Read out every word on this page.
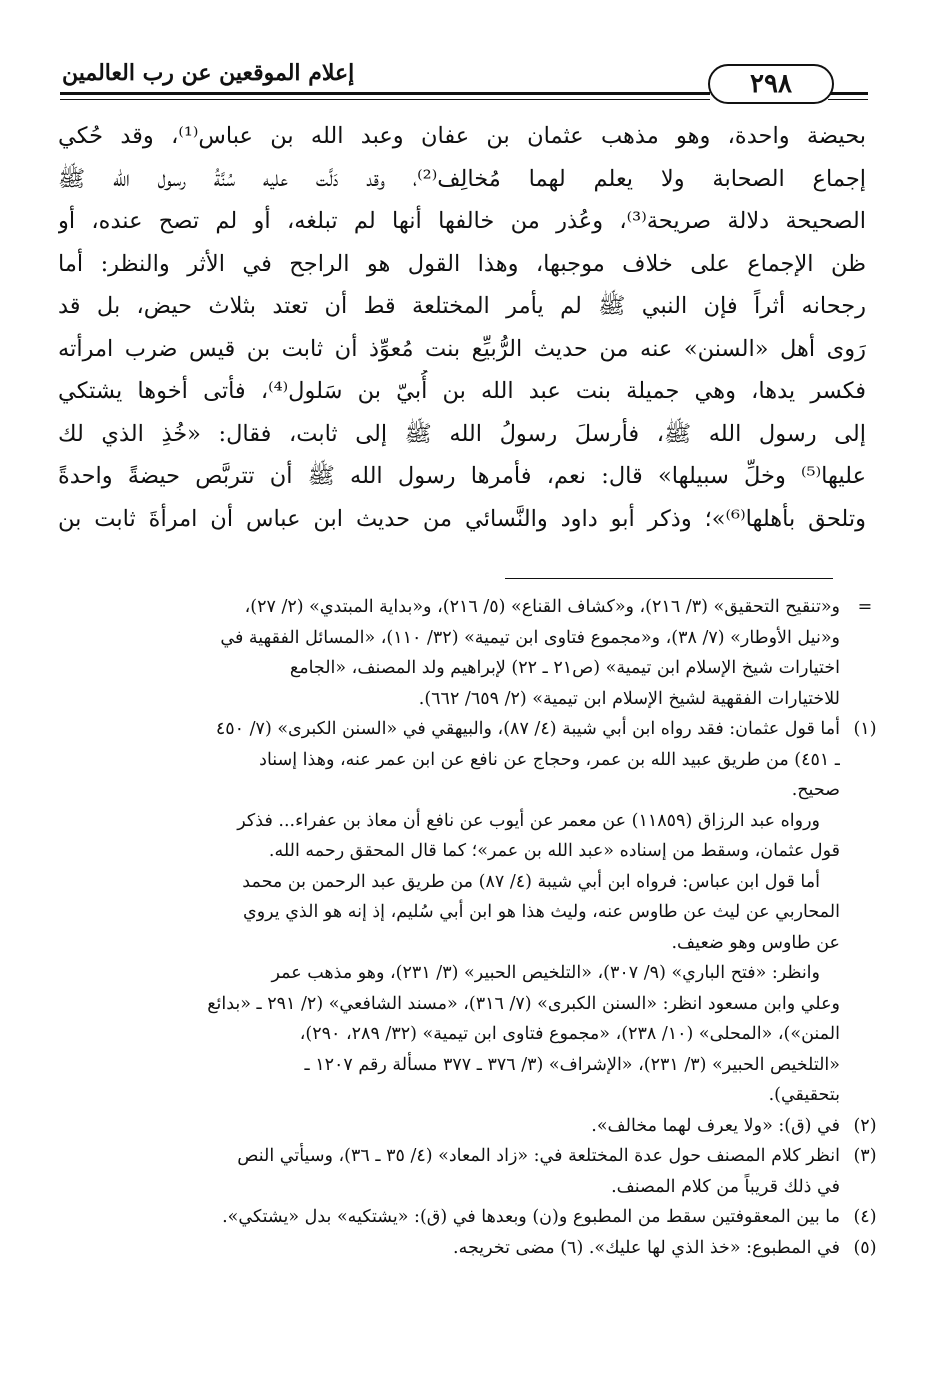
إعلام الموقعين عن رب العالمين	٢٩٨
بحيضة واحدة، وهو مذهب عثمان بن عفان وعبد الله بن عباس⁽¹⁾، وقد حُكي
إجماع الصحابة ولا يعلم لهما مُخالِف⁽²⁾، وقد دَلَّت عليه سُنَّةُ رسول الله ﷺ
الصحيحة دلالة صريحة⁽³⁾، وعُذر من خالفها أنها لم تبلغه، أو لم تصح عنده، أو
ظن الإجماع على خلاف موجبها، وهذا القول هو الراجح في الأثر والنظر: أما
رجحانه أثراً فإن النبي ﷺ لم يأمر المختلعة قط أن تعتد بثلاث حيض، بل قد
رَوى أهل «السنن» عنه من حديث الرُّبيِّع بنت مُعوِّذ أن ثابت بن قيس ضرب امرأته
فكسر يدها، وهي جميلة بنت عبد الله بن أُبيّ بن سَلول⁽⁴⁾، فأتى أخوها يشتكي
إلى رسول الله ﷺ، فأرسلَ رسولُ الله ﷺ إلى ثابت، فقال: «خُذِ الذي لك
عليها⁽⁵⁾ وخلِّ سبيلها» قال: نعم، فأمرها رسول الله ﷺ أن تتربَّص حيضةً واحدةً
وتلحق بأهلها⁽⁶⁾»؛ وذكر أبو داود والنَّسائي من حديث ابن عباس أن امرأةَ ثابت بن
=
و«تنقيح التحقيق» (٣/ ٢١٦)، و«كشاف القناع» (٥/ ٢١٦)، و«بداية المبتدي» (٢/ ٢٧)،
و«نيل الأوطار» (٧/ ٣٨)، و«مجموع فتاوى ابن تيمية» (٣٢/ ١١٠)، «المسائل الفقهية في
اختيارات شيخ الإسلام ابن تيمية» (ص٢١ ـ ٢٢) لإبراهيم ولد المصنف، «الجامع
للاختيارات الفقهية لشيخ الإسلام ابن تيمية» (٢/ ٦٥٩/ ٦٦٢).
(١)
أما قول عثمان: فقد رواه ابن أبي شيبة (٤/ ٨٧)، والبيهقي في «السنن الكبرى» (٧/ ٤٥٠
ـ ٤٥١) من طريق عبيد الله بن عمر، وحجاج عن نافع عن ابن عمر عنه، وهذا إسناد
صحيح.
ورواه عبد الرزاق (١١٨٥٩) عن معمر عن أيوب عن نافع أن معاذ بن عفراء... فذكر
قول عثمان، وسقط من إسناده «عبد الله بن عمر»؛ كما قال المحقق رحمه الله.
أما قول ابن عباس: فرواه ابن أبي شيبة (٤/ ٨٧) من طريق عبد الرحمن بن محمد
المحاربي عن ليث عن طاوس عنه، وليث هذا هو ابن أبي سُليم، إذ إنه هو الذي يروي
عن طاوس وهو ضعيف.
وانظر: «فتح الباري» (٩/ ٣٠٧)، «التلخيص الحبير» (٣/ ٢٣١)، وهو مذهب عمر
وعلي وابن مسعود انظر: «السنن الكبرى» (٧/ ٣١٦)، «مسند الشافعي» (٢/ ٢٩١ ـ «بدائع
المنن»)، «المحلى» (١٠/ ٢٣٨)، «مجموع فتاوى ابن تيمية» (٣٢/ ٢٨٩، ٢٩٠)،
«التلخيص الحبير» (٣/ ٢٣١)، «الإشراف» (٣/ ٣٧٦ ـ ٣٧٧ مسألة رقم ١٢٠٧ ـ
بتحقيقي).
(٢)
في (ق): «ولا يعرف لهما مخالف».
(٣)
انظر كلام المصنف حول عدة المختلعة في: «زاد المعاد» (٤/ ٣٥ ـ ٣٦)، وسيأتي النص
في ذلك قريباً من كلام المصنف.
(٤)
ما بين المعقوفتين سقط من المطبوع و(ن) وبعدها في (ق): «يشتكيه» بدل «يشتكي».
(٥)
في المطبوع: «خذ الذي لها عليك». (٦) مضى تخريجه.
